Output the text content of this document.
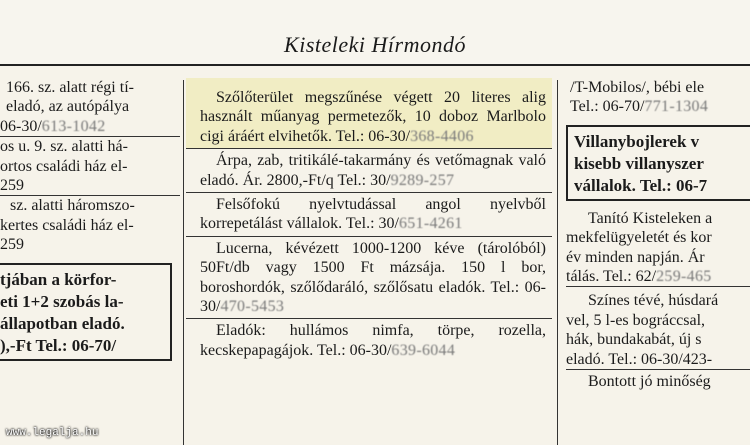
Kisteleki Hírmondó
166. sz. alatt régi tí-
eladó, az autópálya
06-30/613-1042
os u. 9. sz. alatti há-
ortos családi ház el-
259
sz. alatti háromszo-
kertes családi ház el-
259
tjában a körfor-
eti 1+2 szobás la-
állapotban eladó.
),-Ft Tel.: 06-70/

Szőlőterület megszűnése végett 20 literes alig használt műanyag permetezők, 10 doboz Marlbolo cigi áráért elvihetők. Tel.: 06-30/368-4406

Árpa, zab, tritikálé-takarmány és vetőmagnak való eladó. Ár. 2800,-Ft/q Tel.: 30/9289-257

Felsőfokú nyelvtudással angol nyelvből korrepetálást vállalok. Tel.: 30/651-4261

Lucerna, kévézett 1000-1200 kéve (tárolóból) 50Ft/db vagy 1500 Ft mázsája. 150 l bor, boroshordók, szőlődaráló, szőlősatu eladók. Tel.: 06-30/470-5453

Eladók: hullámos nimfa, törpe, rozella, kecskepapagájok. Tel.: 06-30/639-6044

/T-Mobilos/, bébi ele
Tel.: 06-70/771-1304
Villanybojlerek v
kisebb villanyszer
vállalok. Tel.: 06-7
Tanító Kisteleken a
mekfelügyeletét és kor
év minden napján. Ár
tálás. Tel.: 62/259-465
Színes tévé, húsdará
vel, 5 l-es bográccsal,
hák, bundakabát, új s
eladó. Tel.: 06-30/423-
Bontott jó minőség
www.legalja.hu
